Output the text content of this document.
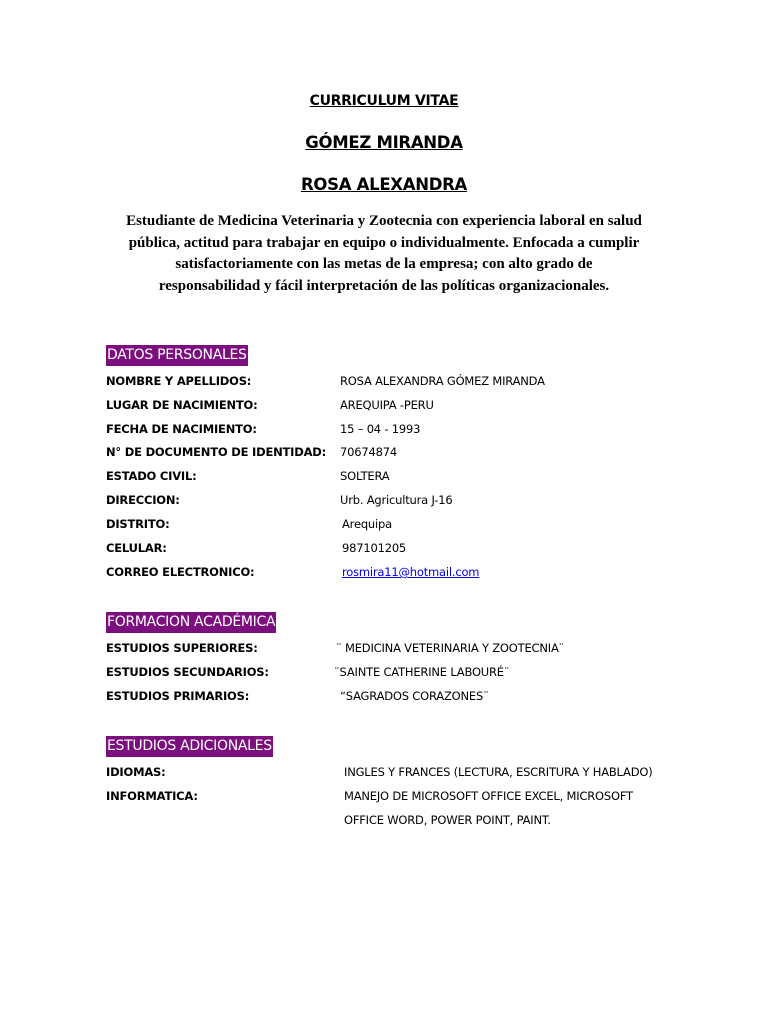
CURRICULUM VITAE
GÓMEZ MIRANDA
ROSA ALEXANDRA
Estudiante de Medicina Veterinaria y Zootecnia con experiencia laboral en salud
pública, actitud para trabajar en equipo o individualmente. Enfocada a cumplir
satisfactoriamente con las metas de la empresa; con alto grado de
responsabilidad y fácil interpretación de las políticas organizacionales.
DATOS PERSONALES
NOMBRE Y APELLIDOS:	ROSA ALEXANDRA GÓMEZ MIRANDA
LUGAR DE NACIMIENTO:	AREQUIPA -PERU
FECHA DE NACIMIENTO:	15 – 04 - 1993
N° DE DOCUMENTO DE IDENTIDAD: 70674874
ESTADO CIVIL:	SOLTERA
DIRECCION:	Urb. Agricultura J-16
DISTRITO:	Arequipa
CELULAR:	987101205
CORREO ELECTRONICO:	rosmira11@hotmail.com
FORMACION ACADÉMICA
ESTUDIOS SUPERIORES:	¨ MEDICINA VETERINARIA Y ZOOTECNIA¨
ESTUDIOS SECUNDARIOS:	¨SAINTE CATHERINE LABOURÉ¨
ESTUDIOS PRIMARIOS:	“SAGRADOS CORAZONES¨
ESTUDIOS ADICIONALES
IDIOMAS:	INGLES Y FRANCES (LECTURA, ESCRITURA Y HABLADO)
INFORMATICA:	MANEJO DE MICROSOFT OFFICE EXCEL, MICROSOFT
OFFICE WORD, POWER POINT, PAINT.
